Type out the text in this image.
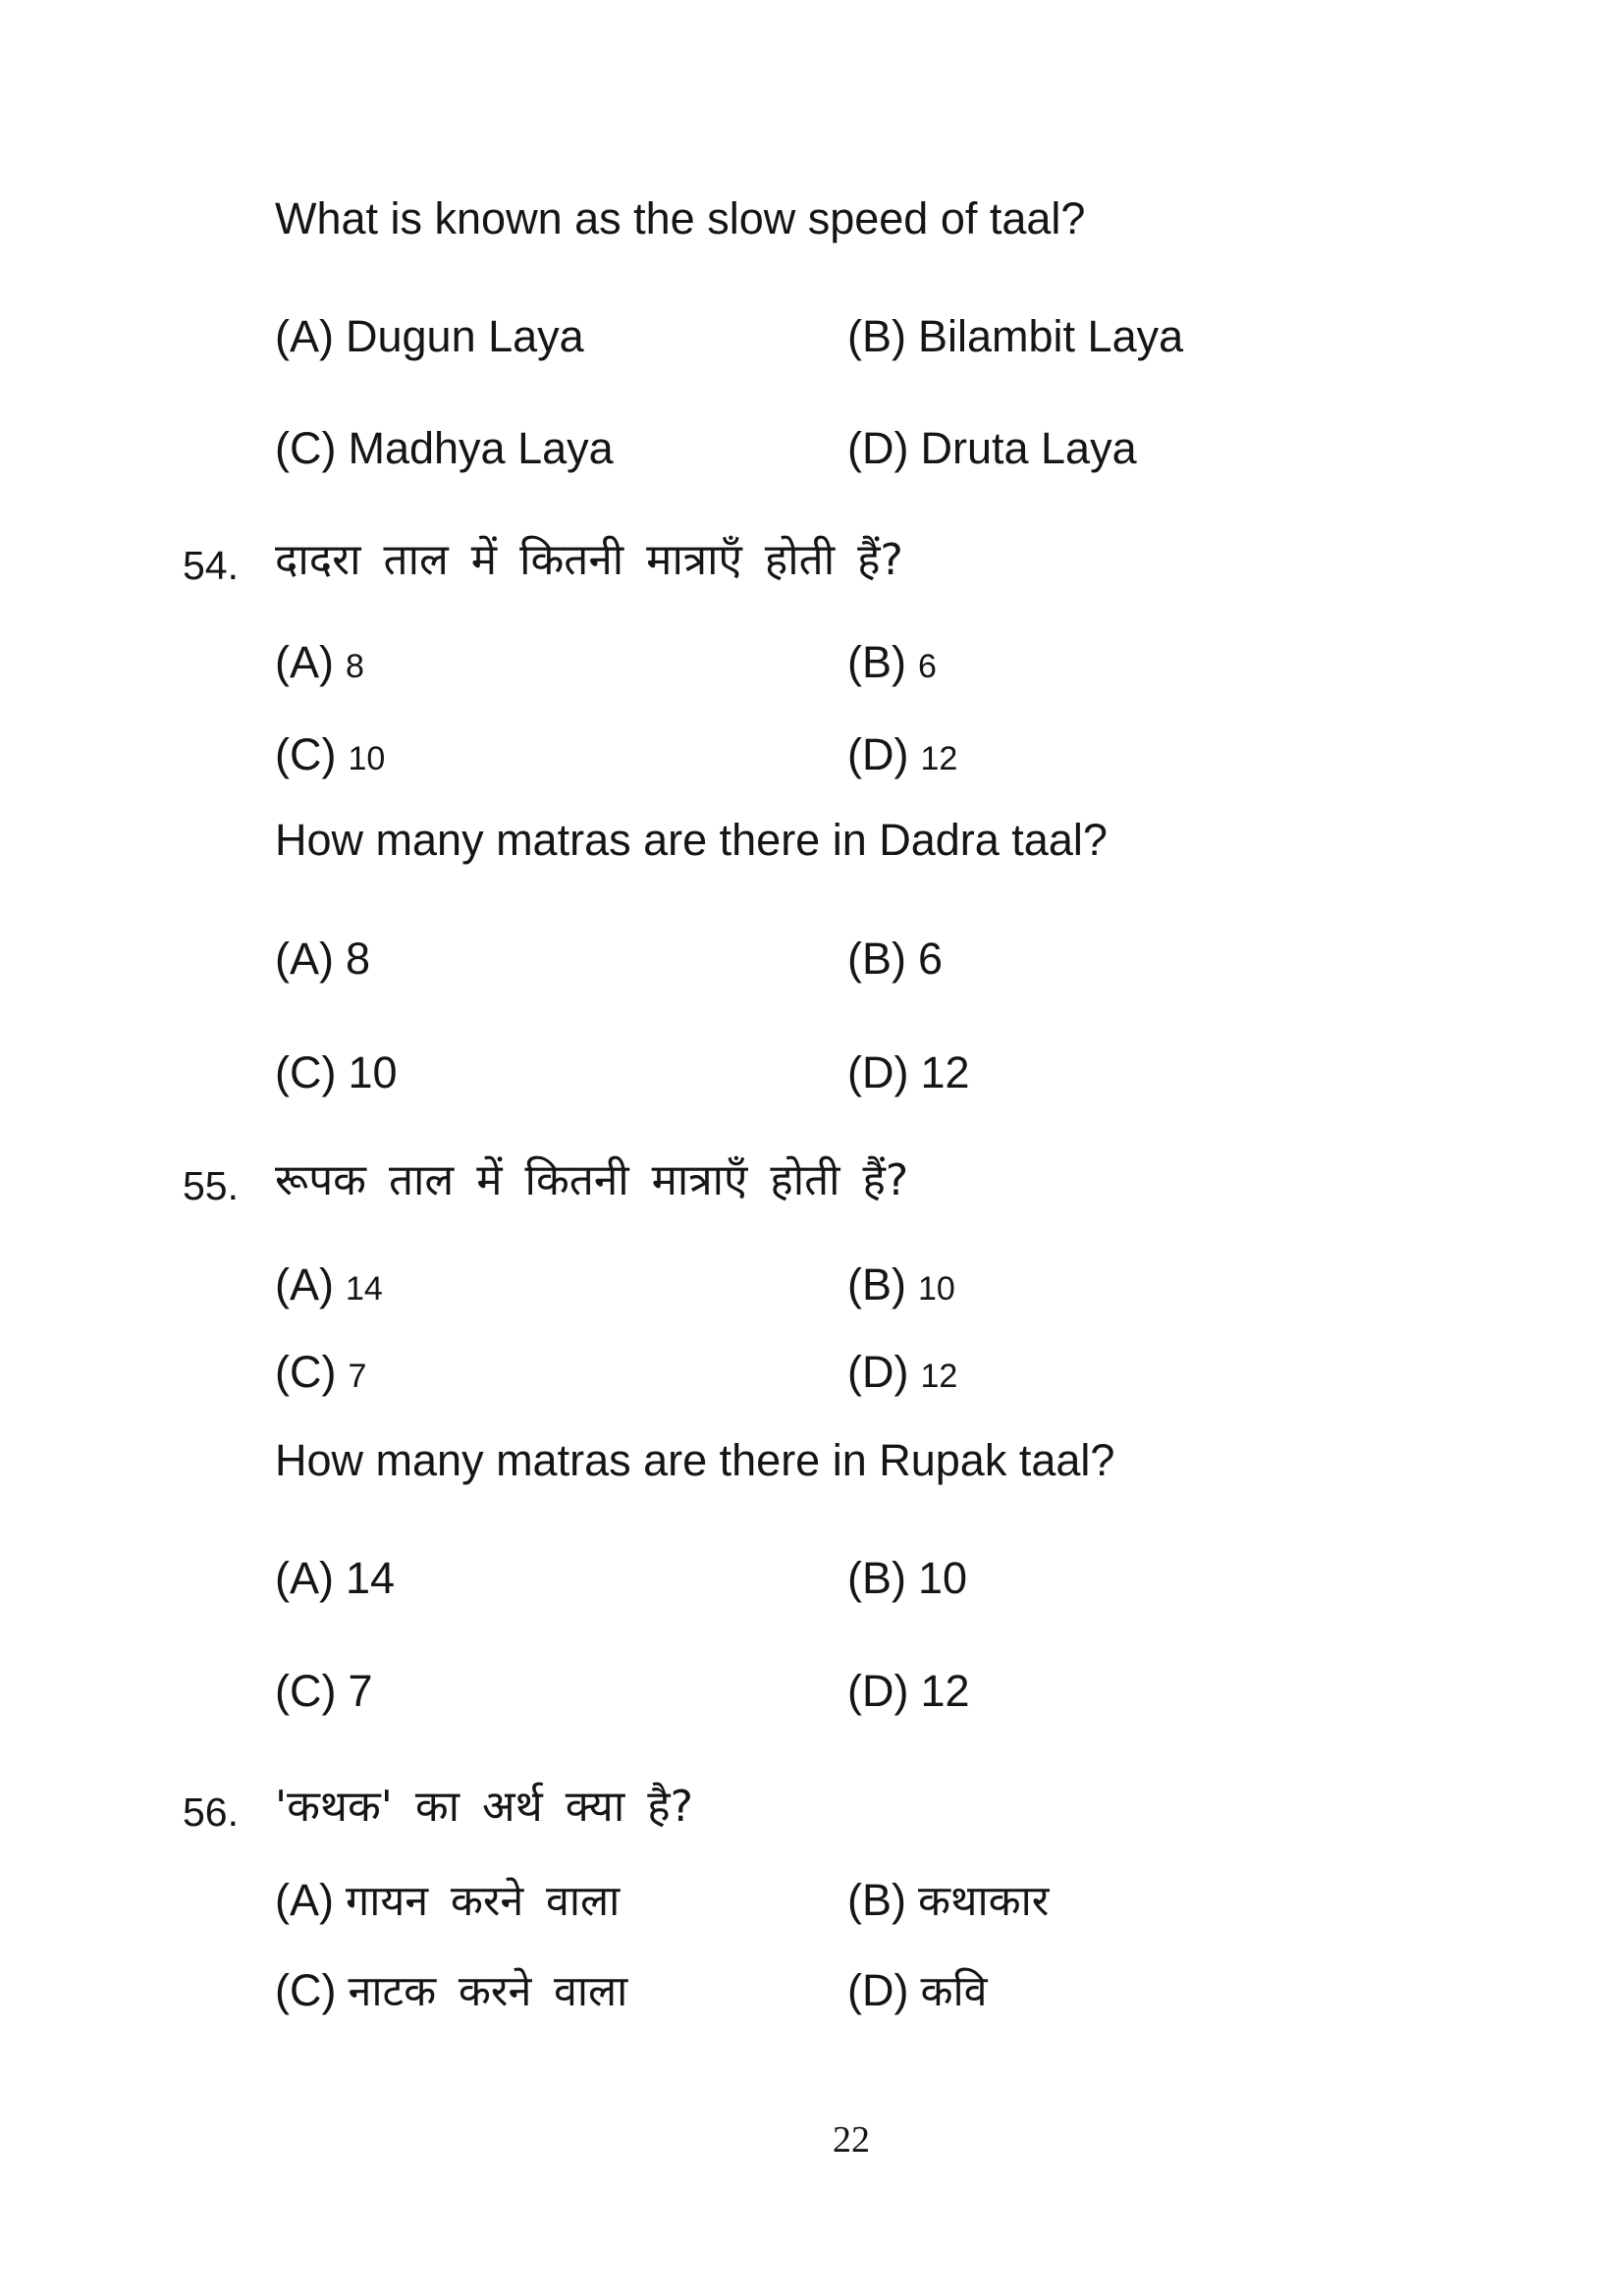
What is known as the slow speed of taal?
(A) Dugun Laya	(B) Bilambit Laya
(C) Madhya Laya	(D) Druta Laya
54. दादरा ताल में कितनी मात्राएँ होती हैं?
(A) 8	(B) 6
(C) 10	(D) 12
How many matras are there in Dadra taal?
(A) 8	(B) 6
(C) 10	(D) 12
55. रूपक ताल में कितनी मात्राएँ होती हैं?
(A) 14	(B) 10
(C) 7	(D) 12
How many matras are there in Rupak taal?
(A) 14	(B) 10
(C) 7	(D) 12
56. 'कथक' का अर्थ क्या है?
(A) गायन करने वाला	(B) कथाकार
(C) नाटक करने वाला	(D) कवि
22
